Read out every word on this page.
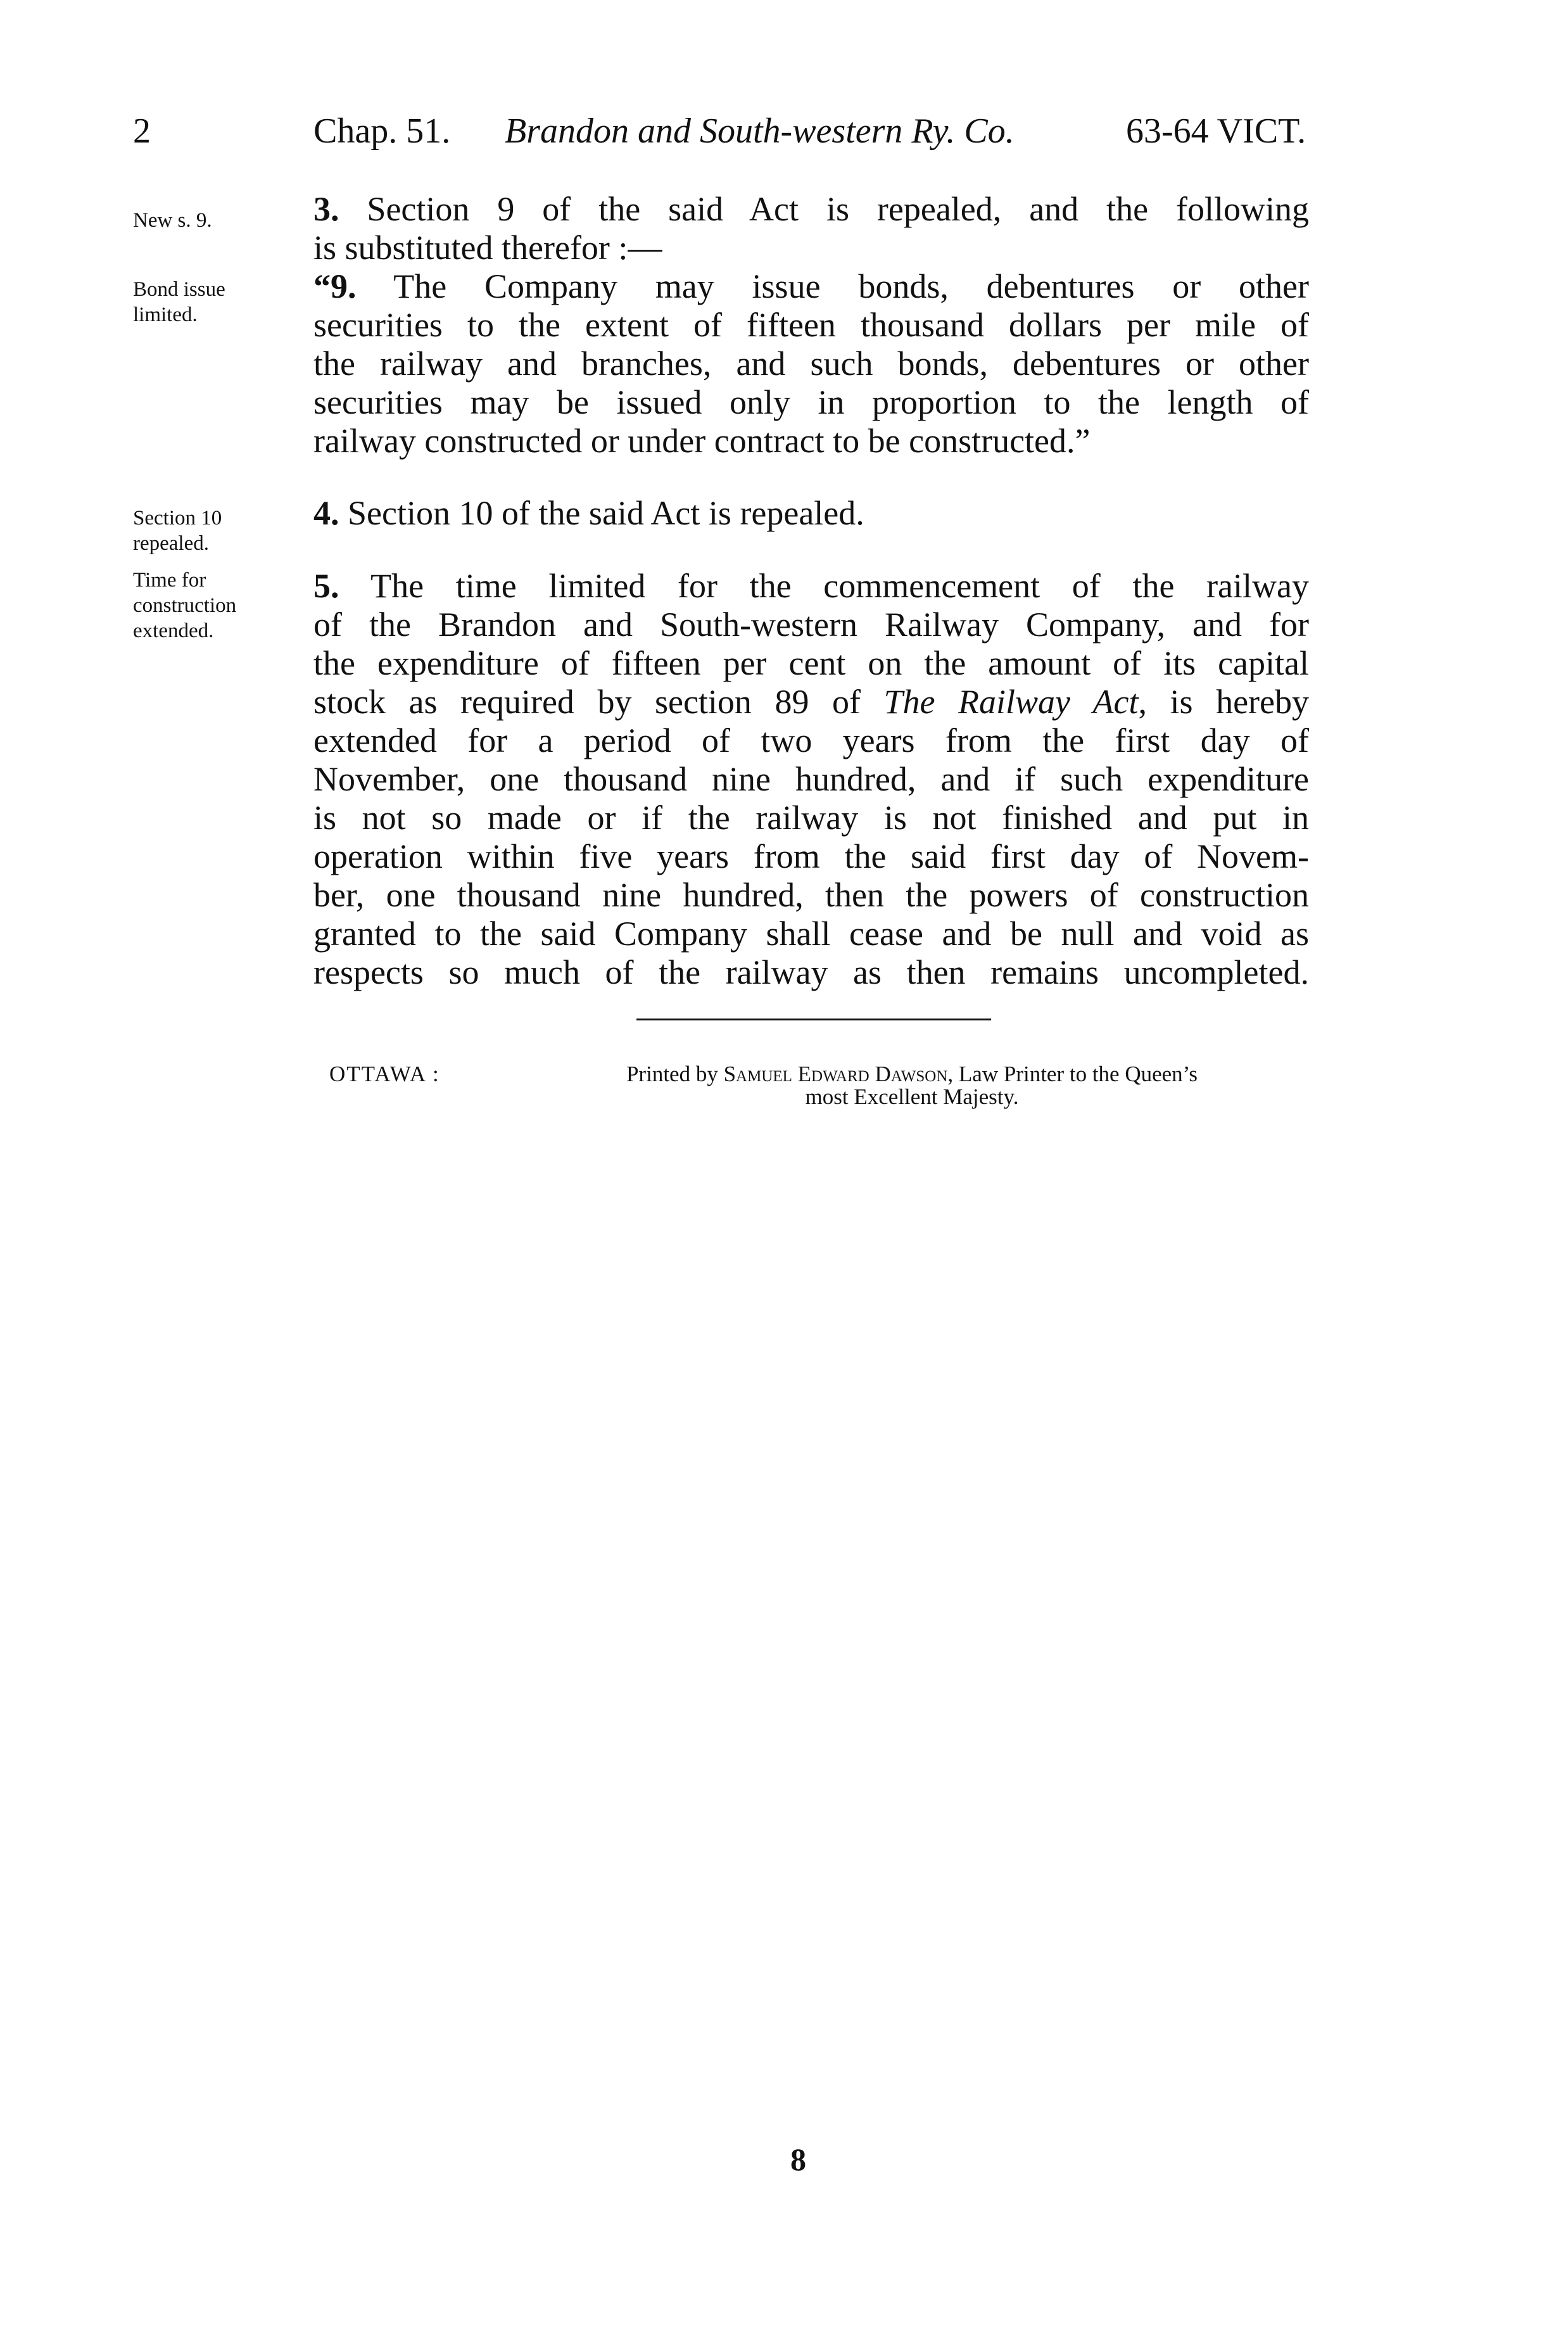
2	Chap. 51. Brandon and South-western Ry. Co.	63-64 VICT.
New s. 9.
Bond issue
limited.
Section 10
repealed.
Time for
construction
extended.

3. Section 9 of the said Act is repealed, and the following

is substituted therefor :—

“9. The Company may issue bonds, debentures or other

securities to the extent of fifteen thousand dollars per mile of

the railway and branches, and such bonds, debentures or other

securities may be issued only in proportion to the length of

railway constructed or under contract to be constructed.”

4. Section 10 of the said Act is repealed.

5. The time limited for the commencement of the railway

of the Brandon and South-western Railway Company, and for

the expenditure of fifteen per cent on the amount of its capital

stock as required by section 89 of The Railway Act, is hereby

extended for a period of two years from the first day of

November, one thousand nine hundred, and if such expenditure

is not so made or if the railway is not finished and put in

operation within five years from the said first day of Novem-

ber, one thousand nine hundred, then the powers of construction

granted to the said Company shall cease and be null and void as

respects so much of the railway as then remains uncompleted.

OTTAWA :	Printed by Samuel Edward Dawson, Law Printer to the Queen’s
most Excellent Majesty.
8
